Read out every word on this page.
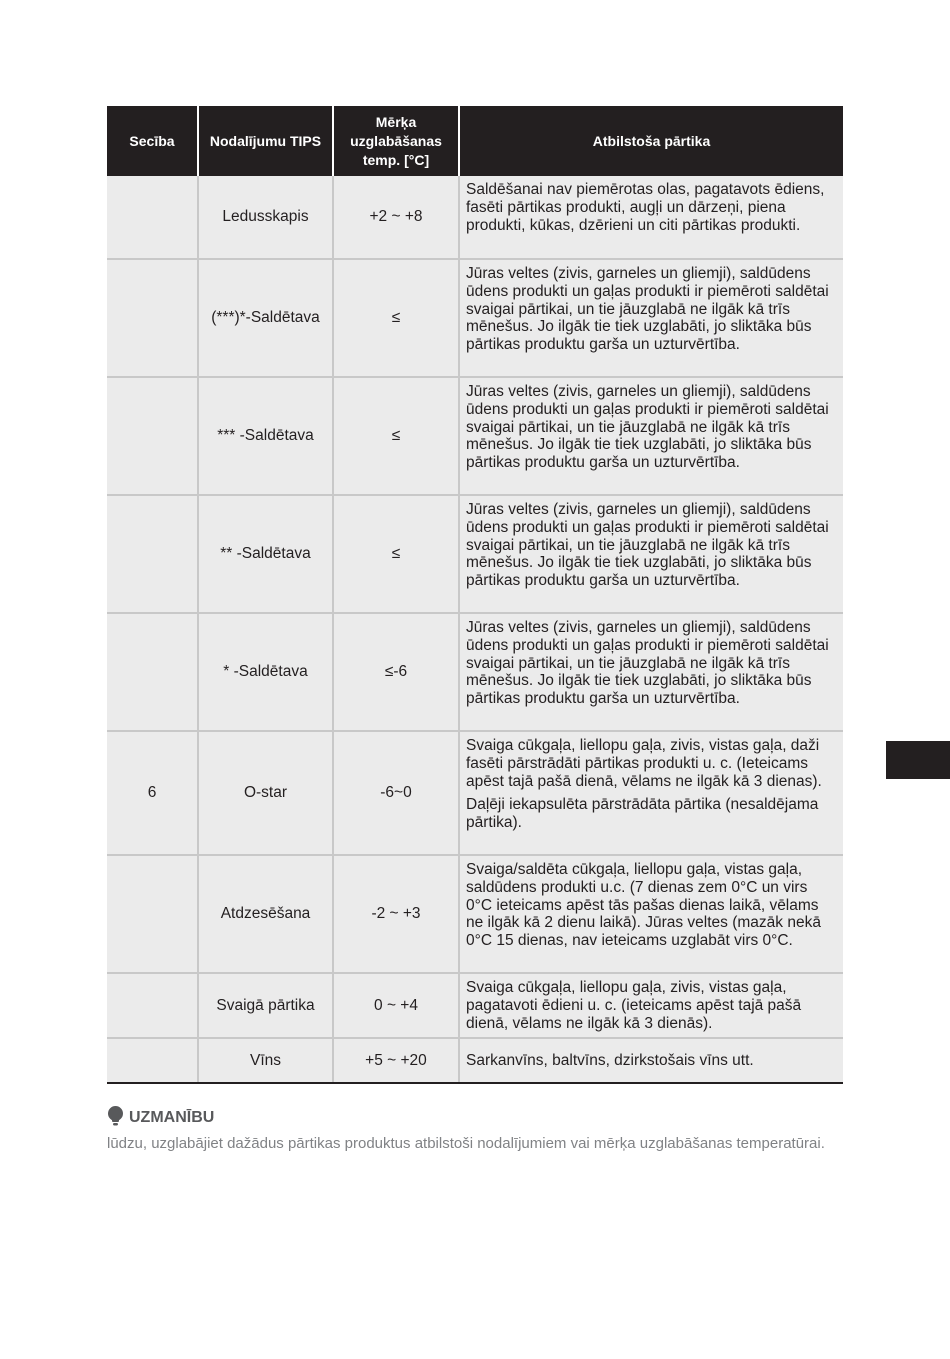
Secība	Nodalījumu TIPS	Mērķa uzglabāšanas temp. [°C]	Atbilstoša pārtika
	Ledusskapis	+2 ~ +8	Saldēšanai nav piemērotas olas, pagatavots ēdiens, fasēti pārtikas produkti, augļi un dārzeņi, piena produkti, kūkas, dzērieni un citi pārtikas produkti.

	(***)*-Saldētava	≤	Jūras veltes (zivis, garneles un gliemji), saldūdens ūdens produkti un gaļas produkti ir piemēroti saldētai svaigai pārtikai, un tie jāuzglabā ne ilgāk kā trīs mēnešus. Jo ilgāk tie tiek uzglabāti, jo sliktāka būs pārtikas produktu garša un uzturvērtība.

	*** -Saldētava	≤	Jūras veltes (zivis, garneles un gliemji), saldūdens ūdens produkti un gaļas produkti ir piemēroti saldētai svaigai pārtikai, un tie jāuzglabā ne ilgāk kā trīs mēnešus. Jo ilgāk tie tiek uzglabāti, jo sliktāka būs pārtikas produktu garša un uzturvērtība.

	** -Saldētava	≤	Jūras veltes (zivis, garneles un gliemji), saldūdens ūdens produkti un gaļas produkti ir piemēroti saldētai svaigai pārtikai, un tie jāuzglabā ne ilgāk kā trīs mēnešus. Jo ilgāk tie tiek uzglabāti, jo sliktāka būs pārtikas produktu garša un uzturvērtība.

	* -Saldētava	≤-6	Jūras veltes (zivis, garneles un gliemji), saldūdens ūdens produkti un gaļas produkti ir piemēroti saldētai svaigai pārtikai, un tie jāuzglabā ne ilgāk kā trīs mēnešus. Jo ilgāk tie tiek uzglabāti, jo sliktāka būs pārtikas produktu garša un uzturvērtība.

6	O-star	-6~0	Svaiga cūkgaļa, liellopu gaļa, zivis, vistas gaļa, daži fasēti pārstrādāti pārtikas produkti u. c. (Ieteicams apēst tajā pašā dienā, vēlams ne ilgāk kā 3 dienas).

Daļēji iekapsulēta pārstrādāta pārtika (nesaldējama pārtika).

	Atdzesēšana	-2 ~ +3	Svaiga/saldēta cūkgaļa, liellopu gaļa, vistas gaļa, saldūdens produkti u.c. (7 dienas zem 0°C un virs 0°C ieteicams apēst tās pašas dienas laikā, vēlams ne ilgāk kā 2 dienu laikā). Jūras veltes (mazāk nekā 0°C 15 dienas, nav ieteicams uzglabāt virs 0°C.

	Svaigā pārtika	0 ~ +4	Svaiga cūkgaļa, liellopu gaļa, zivis, vistas gaļa, pagatavoti ēdieni u. c. (ieteicams apēst tajā pašā dienā, vēlams ne ilgāk kā 3 dienās).

	Vīns	+5 ~ +20	Sarkanvīns, baltvīns, dzirkstošais vīns utt.

UZMANĪBU
lūdzu, uzglabājiet dažādus pārtikas produktus atbilstoši nodalījumiem vai mērķa uzglabāšanas temperatūrai.
